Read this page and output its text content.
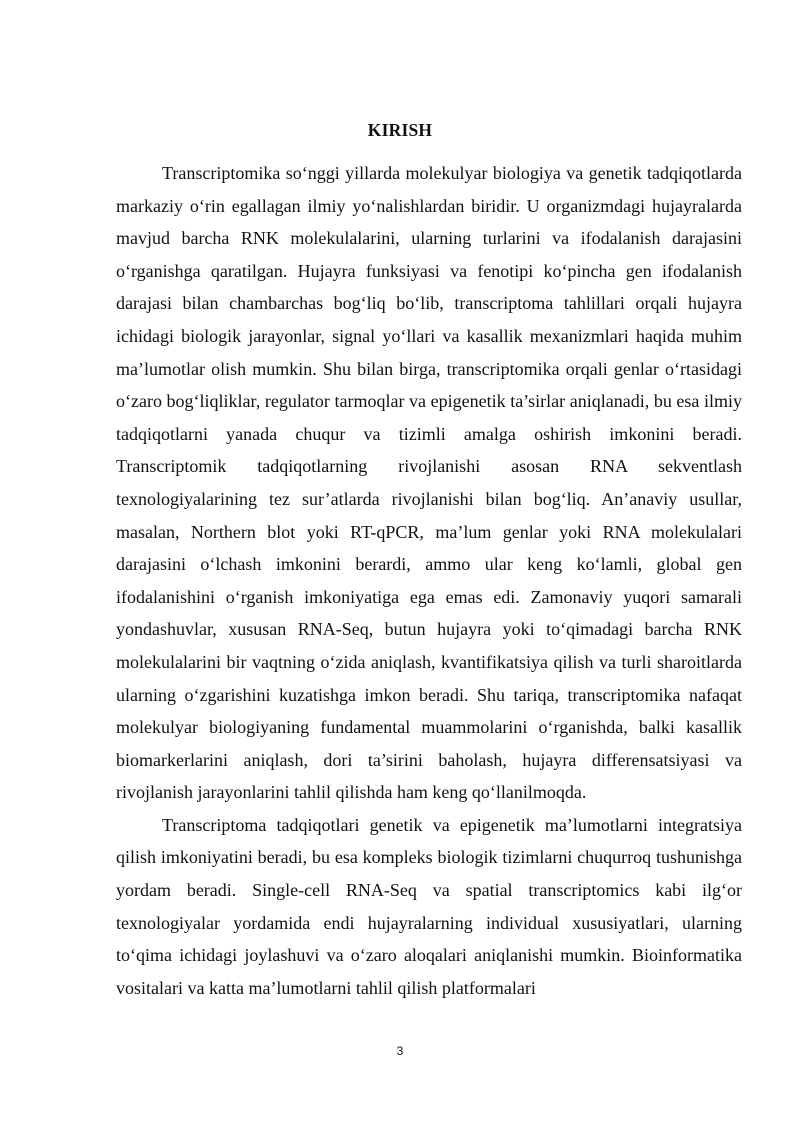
KIRISH

Transcriptomika so‘nggi yillarda molekulyar biologiya va genetik tadqiqotlarda markaziy o‘rin egallagan ilmiy yo‘nalishlardan biridir. U organizmdagi hujayralarda mavjud barcha RNK molekulalarini, ularning turlarini va ifodalanish darajasini o‘rganishga qaratilgan. Hujayra funksiyasi va fenotipi ko‘pincha gen ifodalanish darajasi bilan chambarchas bog‘liq bo‘lib, transcriptoma tahlillari orqali hujayra ichidagi biologik jarayonlar, signal yo‘llari va kasallik mexanizmlari haqida muhim ma’lumotlar olish mumkin. Shu bilan birga, transcriptomika orqali genlar o‘rtasidagi o‘zaro bog‘liqliklar, regulator tarmoqlar va epigenetik ta’sirlar aniqlanadi, bu esa ilmiy tadqiqotlarni yanada chuqur va tizimli amalga oshirish imkonini beradi. Transcriptomik tadqiqotlarning rivojlanishi asosan RNA sekventlash texnologiyalarining tez sur’atlarda rivojlanishi bilan bog‘liq. An’anaviy usullar, masalan, Northern blot yoki RT-qPCR, ma’lum genlar yoki RNA molekulalari darajasini o‘lchash imkonini berardi, ammo ular keng ko‘lamli, global gen ifodalanishini o‘rganish imkoniyatiga ega emas edi. Zamonaviy yuqori samarali yondashuvlar, xususan RNA-Seq, butun hujayra yoki to‘qimadagi barcha RNK molekulalarini bir vaqtning o‘zida aniqlash, kvantifikatsiya qilish va turli sharoitlarda ularning o‘zgarishini kuzatishga imkon beradi. Shu tariqa, transcriptomika nafaqat molekulyar biologiyaning fundamental muammolarini o‘rganishda, balki kasallik biomarkerlarini aniqlash, dori ta’sirini baholash, hujayra differensatsiyasi va rivojlanish jarayonlarini tahlil qilishda ham keng qo‘llanilmoqda.

Transcriptoma tadqiqotlari genetik va epigenetik ma’lumotlarni integratsiya qilish imkoniyatini beradi, bu esa kompleks biologik tizimlarni chuqurroq tushunishga yordam beradi. Single-cell RNA-Seq va spatial transcriptomics kabi ilg‘or texnologiyalar yordamida endi hujayralarning individual xususiyatlari, ularning to‘qima ichidagi joylashuvi va o‘zaro aloqalari aniqlanishi mumkin. Bioinformatika vositalari va katta ma’lumotlarni tahlil qilish platformalari

3
